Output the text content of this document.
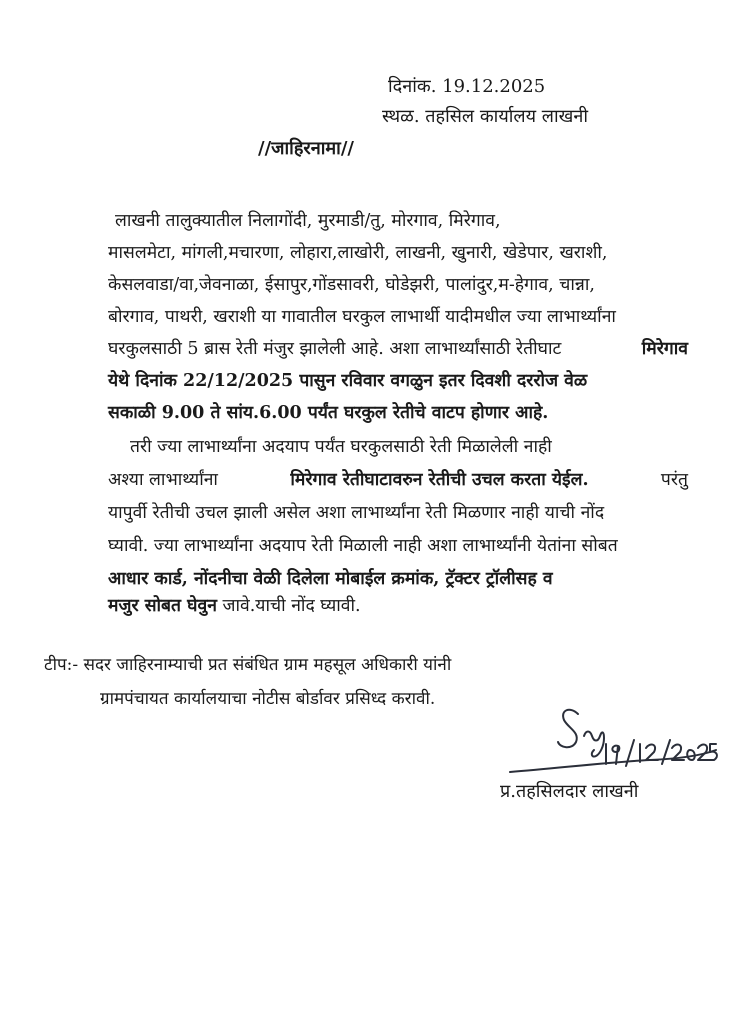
दिनांक. 19.12.2025
स्थळ. तहसिल कार्यालय लाखनी
//जाहिरनामा//
लाखनी तालुक्यातील निलागोंदी, मुरमाडी/तु, मोरगाव, मिरेगाव,
मासलमेटा, मांगली,मचारणा, लोहारा,लाखोरी, लाखनी, खुनारी, खेडेपार, खराशी,
केसलवाडा/वा,जेवनाळा, ईसापुर,गोंडसावरी, घोडेझरी, पालांदुर,म-हेगाव, चान्ना,
बोरगाव, पाथरी, खराशी या गावातील घरकुल लाभार्थी यादीमधील ज्या लाभार्थ्यांना
घरकुलसाठी 5 ब्रास रेती मंजुर झालेली आहे. अशा लाभार्थ्यांसाठी रेतीघाट	मिरेगाव
येथे दिनांक 22/12/2025 पासुन रविवार वगळुन इतर दिवशी दररोज वेळ
सकाळी 9.00 ते सांय.6.00 पर्यंत घरकुल रेतीचे वाटप होणार आहे.
तरी ज्या लाभार्थ्यांना अदयाप पर्यंत घरकुलसाठी रेती मिळालेली नाही
अश्या लाभार्थ्यांना	मिरेगाव रेतीघाटावरुन रेतीची उचल करता येईल.	परंतु
यापुर्वी रेतीची उचल झाली असेल अशा लाभार्थ्यांना रेती मिळणार नाही याची नोंद
घ्यावी. ज्या लाभार्थ्यांना अदयाप रेती मिळाली नाही अशा लाभार्थ्यांनी येतांना सोबत
आधार कार्ड, नोंदनीचा वेळी दिलेला मोबाईल क्रमांक, ट्रॅक्टर ट्रॉलीसह व
मजुर सोबत घेवुन जावे.याची नोंद घ्यावी.
टीप:- सदर जाहिरनाम्याची प्रत संबंधित ग्राम महसूल अधिकारी यांनी
ग्रामपंचायत कार्यालयाचा नोटीस बोर्डावर प्रसिध्द करावी.
प्र.तहसिलदार लाखनी
